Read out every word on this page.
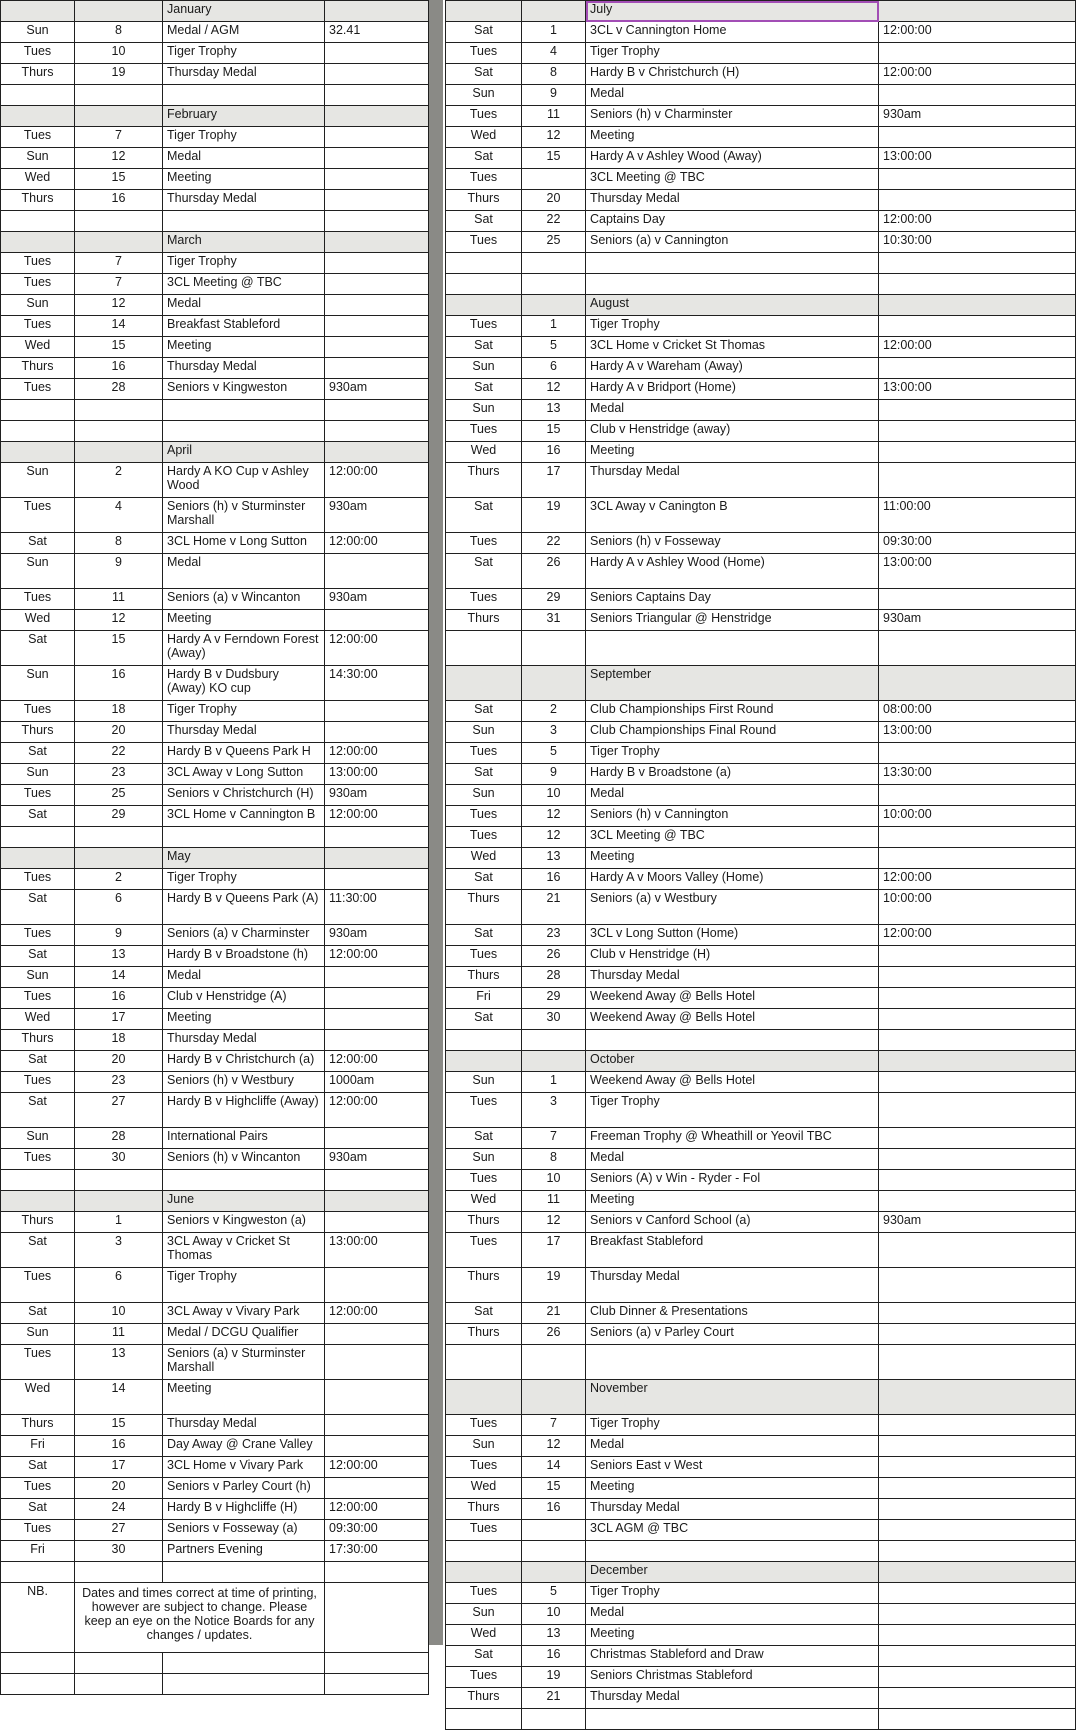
		January	
Sun	8	Medal / AGM	32.41
Tues	10	Tiger Trophy	
Thurs	19	Thursday Medal	

		February	
Tues	7	Tiger Trophy	
Sun	12	Medal	
Wed	15	Meeting	
Thurs	16	Thursday Medal	

		March	
Tues	7	Tiger Trophy	
Tues	7	3CL Meeting @ TBC	
Sun	12	Medal	
Tues	14	Breakfast Stableford	
Wed	15	Meeting	
Thurs	16	Thursday Medal	
Tues	28	Seniors v Kingweston	930am

		April	
Sun	2	Hardy A KO Cup v Ashley Wood	12:00:00
Tues	4	Seniors (h) v Sturminster Marshall	930am
Sat	8	3CL Home v Long Sutton	12:00:00
Sun	9	Medal	
Tues	11	Seniors (a) v Wincanton	930am
Wed	12	Meeting	
Sat	15	Hardy A v Ferndown Forest (Away)	12:00:00
Sun	16	Hardy B v Dudsbury (Away) KO cup	14:30:00
Tues	18	Tiger Trophy	
Thurs	20	Thursday Medal	
Sat	22	Hardy B v Queens Park H	12:00:00
Sun	23	3CL Away v Long Sutton	13:00:00
Tues	25	Seniors v Christchurch (H)	930am
Sat	29	3CL Home v Cannington B	12:00:00

		May	
Tues	2	Tiger Trophy	
Sat	6	Hardy B v Queens Park (A)	11:30:00
Tues	9	Seniors (a) v Charminster	930am
Sat	13	Hardy B v Broadstone (h)	12:00:00
Sun	14	Medal	
Tues	16	Club v Henstridge (A)	
Wed	17	Meeting	
Thurs	18	Thursday Medal	
Sat	20	Hardy B v Christchurch (a)	12:00:00
Tues	23	Seniors (h) v Westbury	1000am
Sat	27	Hardy B v Highcliffe (Away)	12:00:00
Sun	28	International Pairs	
Tues	30	Seniors (h) v Wincanton	930am

		June	
Thurs	1	Seniors v Kingweston (a)	
Sat	3	3CL Away v Cricket St Thomas	13:00:00
Tues	6	Tiger Trophy	
Sat	10	3CL Away v Vivary Park	12:00:00
Sun	11	Medal / DCGU Qualifier	
Tues	13	Seniors (a) v Sturminster Marshall	
Wed	14	Meeting	
Thurs	15	Thursday Medal	
Fri	16	Day Away @ Crane Valley	
Sat	17	3CL Home v Vivary Park	12:00:00
Tues	20	Seniors v Parley Court (h)	
Sat	24	Hardy B v Highcliffe (H)	12:00:00
Tues	27	Seniors v Fosseway (a)	09:30:00
Fri	30	Partners Evening	17:30:00

NB.	Dates and times correct at time of printing, however are subject to change. Please keep an eye on the Notice Boards for any changes / updates.		

		July	
Sat	1	3CL v Cannington Home	12:00:00
Tues	4	Tiger Trophy	
Sat	8	Hardy B v Christchurch (H)	12:00:00
Sun	9	Medal	
Tues	11	Seniors (h) v Charminster	930am
Wed	12	Meeting	
Sat	15	Hardy A v Ashley Wood (Away)	13:00:00
Tues		3CL Meeting @ TBC	
Thurs	20	Thursday Medal	
Sat	22	Captains Day	12:00:00
Tues	25	Seniors (a) v Cannington	10:30:00

		August	
Tues	1	Tiger Trophy	
Sat	5	3CL Home v Cricket St Thomas	12:00:00
Sun	6	Hardy A v Wareham (Away)	
Sat	12	Hardy A v Bridport (Home)	13:00:00
Sun	13	Medal	
Tues	15	Club v Henstridge (away)	
Wed	16	Meeting	
Thurs	17	Thursday Medal	
Sat	19	3CL Away v Canington B	11:00:00
Tues	22	Seniors (h) v Fosseway	09:30:00
Sat	26	Hardy A v Ashley Wood (Home)	13:00:00
Tues	29	Seniors Captains Day	
Thurs	31	Seniors Triangular @ Henstridge	930am

		September	
Sat	2	Club Championships First Round	08:00:00
Sun	3	Club Championships Final Round	13:00:00
Tues	5	Tiger Trophy	
Sat	9	Hardy B v Broadstone (a)	13:30:00
Sun	10	Medal	
Tues	12	Seniors (h) v Cannington	10:00:00
Tues	12	3CL Meeting @ TBC	
Wed	13	Meeting	
Sat	16	Hardy A v Moors Valley (Home)	12:00:00
Thurs	21	Seniors (a) v Westbury	10:00:00
Sat	23	3CL v Long Sutton (Home)	12:00:00
Tues	26	Club v Henstridge (H)	
Thurs	28	Thursday Medal	
Fri	29	Weekend Away @ Bells Hotel	
Sat	30	Weekend Away @ Bells Hotel	

		October	
Sun	1	Weekend Away @ Bells Hotel	
Tues	3	Tiger Trophy	
Sat	7	Freeman Trophy @ Wheathill or Yeovil TBC	
Sun	8	Medal	
Tues	10	Seniors (A) v Win - Ryder - Fol	
Wed	11	Meeting	
Thurs	12	Seniors v Canford School (a)	930am
Tues	17	Breakfast Stableford	
Thurs	19	Thursday Medal	
Sat	21	Club Dinner & Presentations	
Thurs	26	Seniors (a) v Parley Court	

		November	
Tues	7	Tiger Trophy	
Sun	12	Medal	
Tues	14	Seniors East v West	
Wed	15	Meeting	
Thurs	16	Thursday Medal	
Tues		3CL AGM @ TBC	

		December	
Tues	5	Tiger Trophy	
Sun	10	Medal	
Wed	13	Meeting	
Sat	16	Christmas Stableford and Draw	
Tues	19	Seniors Christmas Stableford	
Thurs	21	Thursday Medal	
